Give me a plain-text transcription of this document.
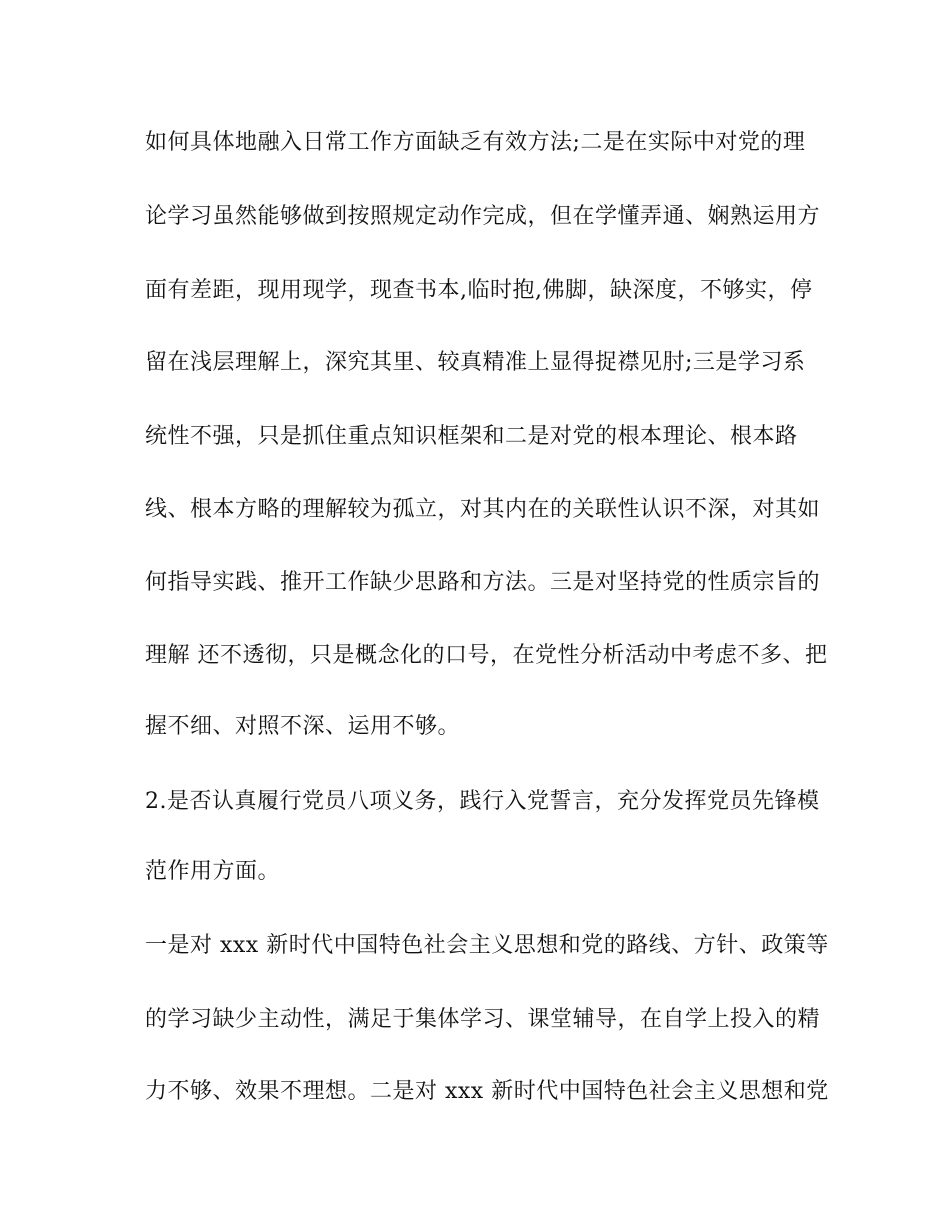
如何具体地融入日常工作方面缺乏有效方法;二是在实际中对党的理
论学习虽然能够做到按照规定动作完成，但在学懂弄通、娴熟运用方
面有差距，现用现学，现查书本,临时抱,佛脚，缺深度，不够实，停
留在浅层理解上，深究其里、较真精准上显得捉襟见肘;三是学习系
统性不强，只是抓住重点知识框架和二是对党的根本理论、根本路
线、根本方略的理解较为孤立，对其内在的关联性认识不深，对其如
何指导实践、推开工作缺少思路和方法。三是对坚持党的性质宗旨的
理解 还不透彻，只是概念化的口号，在党性分析活动中考虑不多、把
握不细、对照不深、运用不够。
2.是否认真履行党员八项义务，践行入党誓言，充分发挥党员先锋模
范作用方面。
一是对 xxx 新时代中国特色社会主义思想和党的路线、方针、政策等
的学习缺少主动性，满足于集体学习、课堂辅导，在自学上投入的精
力不够、效果不理想。二是对 xxx 新时代中国特色社会主义思想和党
